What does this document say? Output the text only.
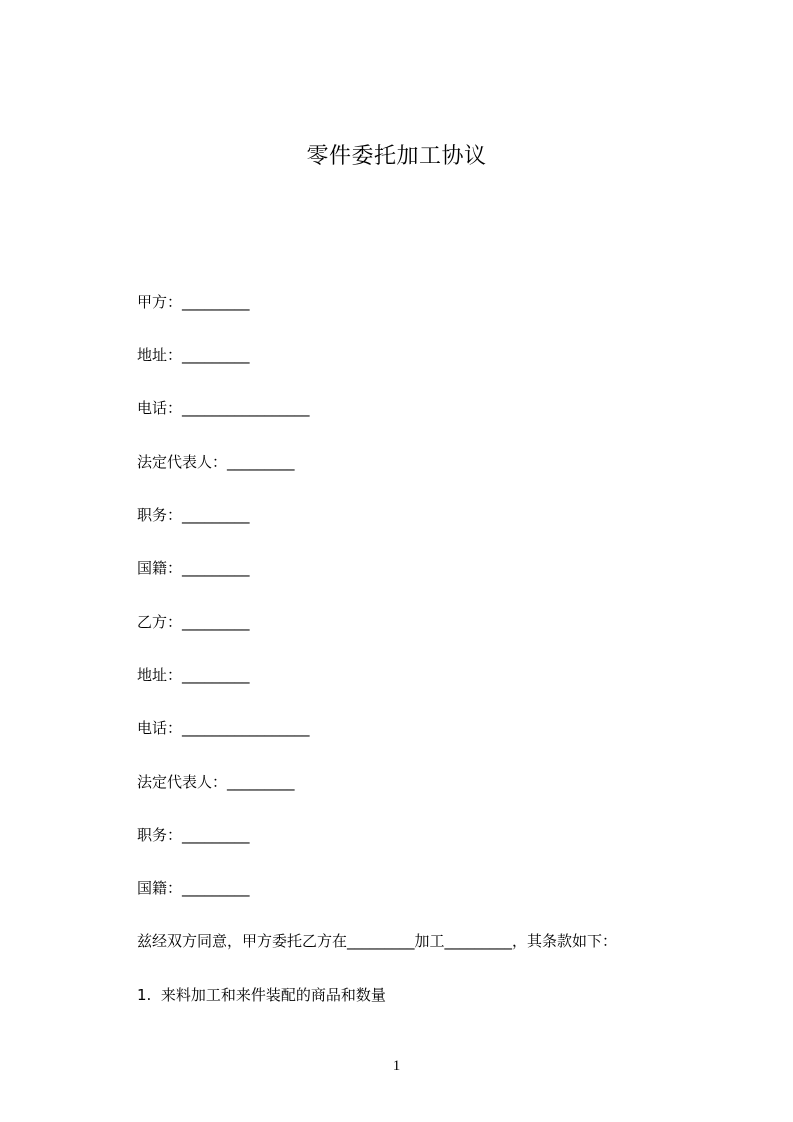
零件委托加工协议
甲方：_________
地址：_________
电话：_________________
法定代表人：_________
职务：_________
国籍：_________
乙方：_________
地址：_________
电话：_________________
法定代表人：_________
职务：_________
国籍：_________
兹经双方同意，甲方委托乙方在_________加工_________，其条款如下：
1.  来料加工和来件装配的商品和数量
1
